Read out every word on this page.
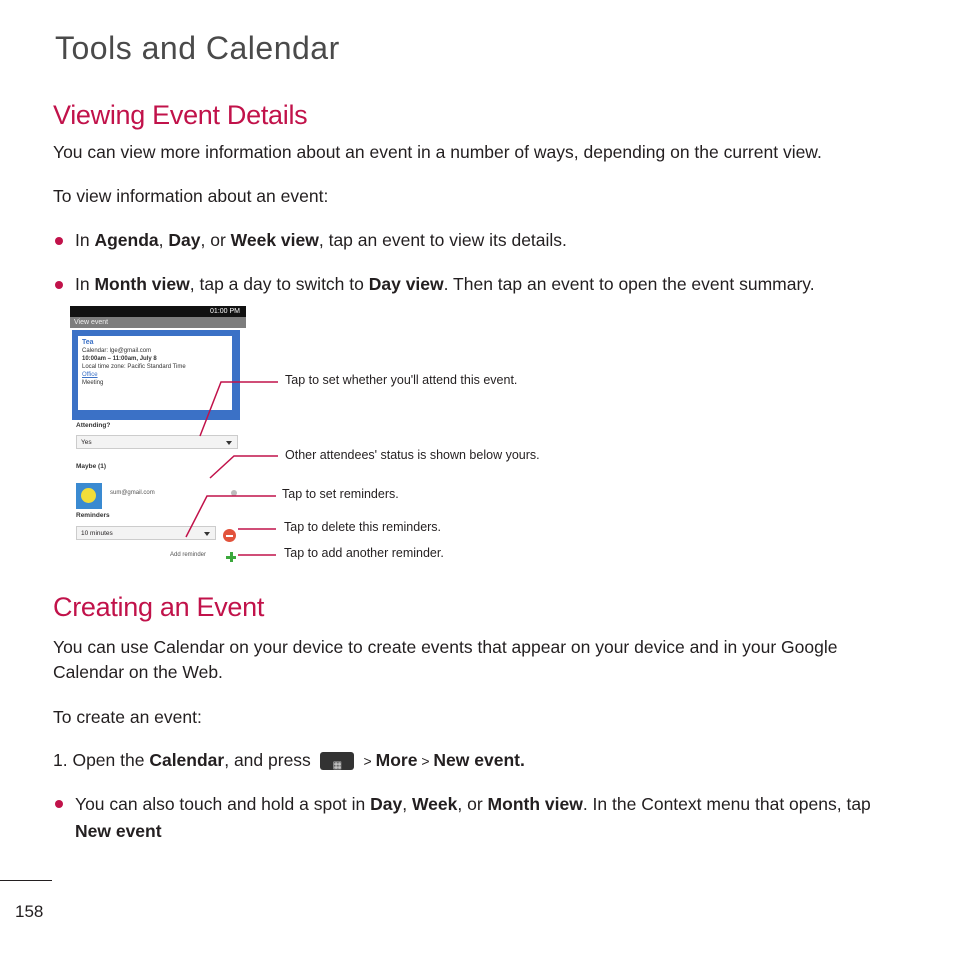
Tools and Calendar
Viewing Event Details
You can view more information about an event in a number of ways, depending on the current view.
To view information about an event:
In Agenda, Day, or Week view, tap an event to view its details.
In Month view, tap a day to switch to Day view. Then tap an event to open the event summary.
01:00 PM
View event
Tea
Calendar: lge@gmail.com
10:00am – 11:00am, July 8
Local time zone: Pacific Standard Time
Office
Meeting
Attending?
Yes
Maybe (1)
sum@gmail.com
Reminders
10 minutes
Add reminder
Tap to set whether you'll attend this event.
Other attendees' status is shown below yours.
Tap to set reminders.
Tap to delete this reminders.
Tap to add another reminder.
Creating an Event
You can use Calendar on your device to create events that appear on your device and in your Google Calendar on the Web.
To create an event:
1. Open the Calendar, and press ▦	> More > New event.
You can also touch and hold a spot in Day, Week, or Month view. In the Context menu that opens, tap New event
158
